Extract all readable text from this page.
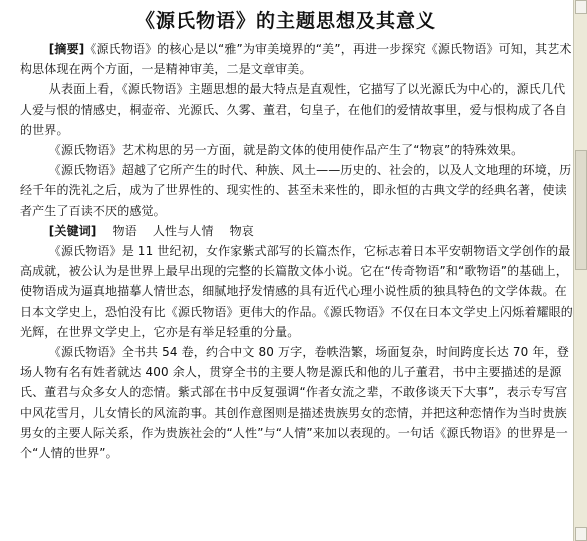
《源氏物语》的主题思想及其意义

[摘要]《源氏物语》的核心是以“雅”为审美境界的“美”，再进一步探究《源氏物语》可知，其艺术构思体现在两个方面，一是精神审美，二是文章审美。

从表面上看，《源氏物语》主题思想的最大特点是直观性，它描写了以光源氏为中心的，源氏几代人爱与恨的情感史，桐壶帝、光源氏、久雾、董君，匂皇子，在他们的爱情故事里，爱与恨构成了各自的世界。

《源氏物语》艺术构思的另一方面，就是韵文体的使用使作品产生了“物哀”的特殊效果。

《源氏物语》超越了它所产生的时代、种族、风土——历史的、社会的，以及人文地理的环境，历经千年的洗礼之后，成为了世界性的、现实性的、甚至未来性的，即永恒的古典文学的经典名著，使读者产生了百读不厌的感觉。

[关键词] 物语 人性与人情 物哀

《源氏物语》是 11 世纪初，女作家紫式部写的长篇杰作，它标志着日本平安朝物语文学创作的最高成就，被公认为是世界上最早出现的完整的长篇散文体小说。它在“传奇物语”和“歌物语”的基础上，使物语成为逼真地描摹人情世态，细腻地抒发情感的具有近代心理小说性质的独具特色的文学体裁。在日本文学史上，恐怕没有比《源氏物语》更伟大的作品。《源氏物语》不仅在日本文学史上闪烁着耀眼的光辉，在世界文学史上，它亦是有举足轻重的分量。

《源氏物语》全书共 54 卷，约合中文 80 万字，卷帙浩繁，场面复杂，时间跨度长达 70 年，登场人物有名有姓者就达 400 余人，贯穿全书的主要人物是源氏和他的儿子董君，书中主要描述的是源氏、董君与众多女人的恋情。紫式部在书中反复强调“作者女流之辈，不敢侈谈天下大事”，表示专写宫中风花雪月，儿女情长的风流韵事。其创作意图则是描述贵族男女的恋情，并把这种恋情作为当时贵族男女的主要人际关系，作为贵族社会的“人性”与“人情”来加以表现的。一句话《源氏物语》的世界是一个“人情的世界”。
